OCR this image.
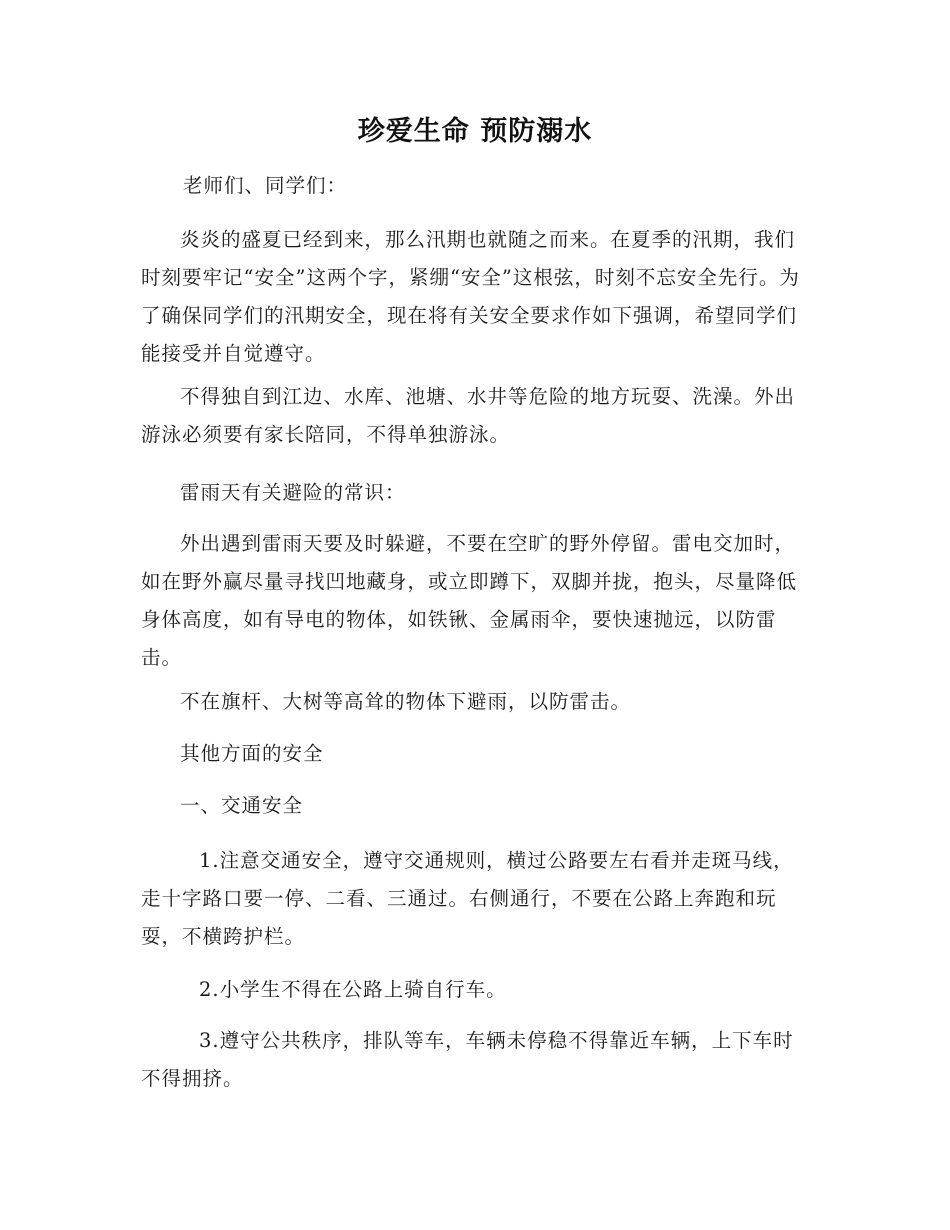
珍爱生命 预防溺水

老师们、同学们：

炎炎的盛夏已经到来，那么汛期也就随之而来。在夏季的汛期，我们时刻要牢记“安全”这两个字，紧绷“安全”这根弦，时刻不忘安全先行。为了确保同学们的汛期安全，现在将有关安全要求作如下强调，希望同学们能接受并自觉遵守。

不得独自到江边、水库、池塘、水井等危险的地方玩耍、洗澡。外出游泳必须要有家长陪同，不得单独游泳。

雷雨天有关避险的常识：

外出遇到雷雨天要及时躲避，不要在空旷的野外停留。雷电交加时，如在野外赢尽量寻找凹地藏身，或立即蹲下，双脚并拢，抱头，尽量降低身体高度，如有导电的物体，如铁锹、金属雨伞，要快速抛远，以防雷击。

不在旗杆、大树等高耸的物体下避雨，以防雷击。

其他方面的安全

一、交通安全

1.注意交通安全，遵守交通规则，横过公路要左右看并走斑马线，走十字路口要一停、二看、三通过。右侧通行，不要在公路上奔跑和玩耍，不横跨护栏。

2.小学生不得在公路上骑自行车。

3.遵守公共秩序，排队等车，车辆未停稳不得靠近车辆，上下车时不得拥挤。
